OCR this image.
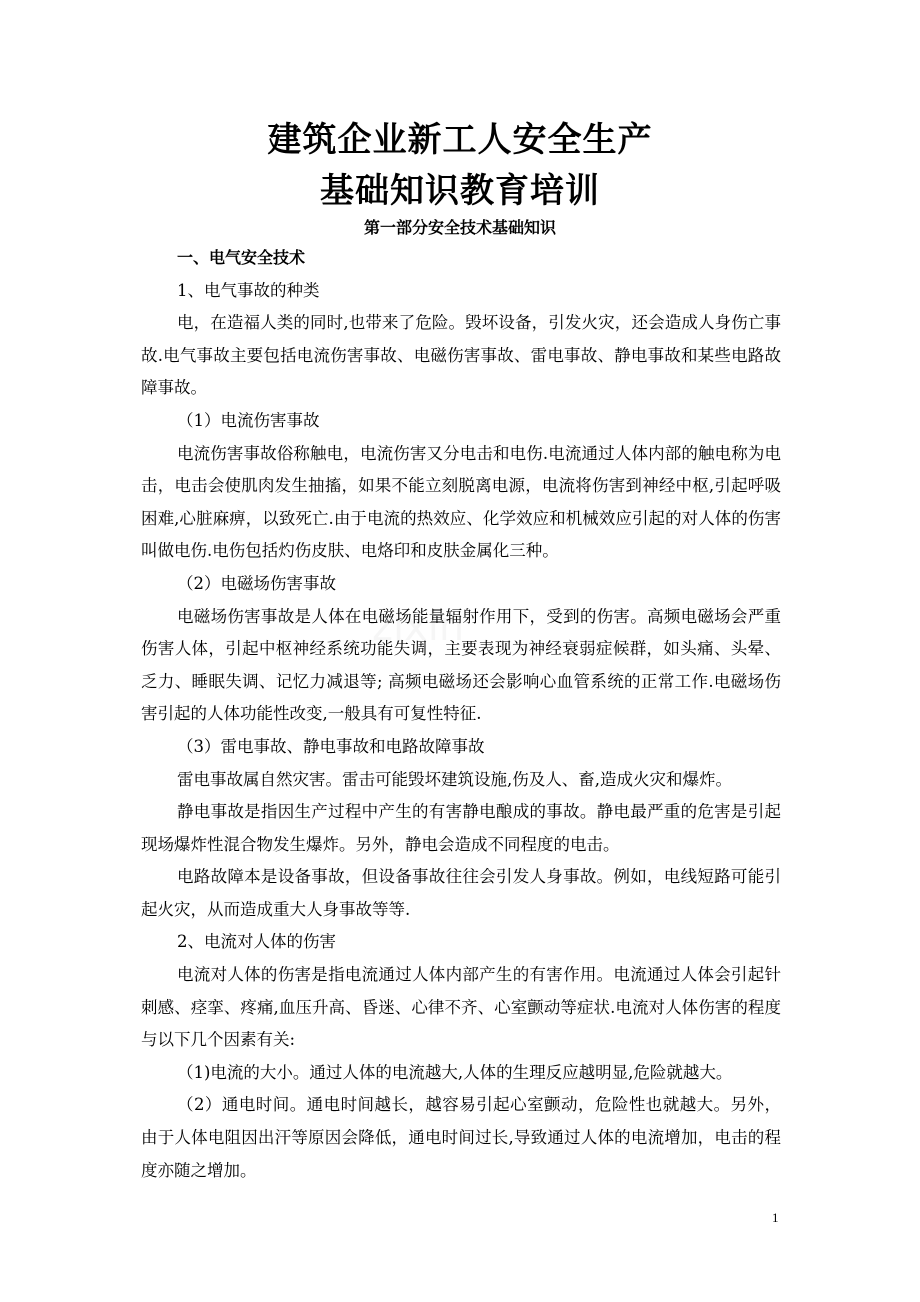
建筑企业新工人安全生产
基础知识教育培训
第一部分安全技术基础知识

一、电气安全技术

1、电气事故的种类

电，在造福人类的同时,也带来了危险。毁坏设备，引发火灾，还会造成人身伤亡事故.电气事故主要包括电流伤害事故、电磁伤害事故、雷电事故、静电事故和某些电路故障事故。

（1）电流伤害事故

电流伤害事故俗称触电，电流伤害又分电击和电伤.电流通过人体内部的触电称为电击，电击会使肌肉发生抽搐，如果不能立刻脱离电源，电流将伤害到神经中枢,引起呼吸困难,心脏麻痹，以致死亡.由于电流的热效应、化学效应和机械效应引起的对人体的伤害叫做电伤.电伤包括灼伤皮肤、电烙印和皮肤金属化三种。

（2）电磁场伤害事故

电磁场伤害事故是人体在电磁场能量辐射作用下，受到的伤害。高频电磁场会严重伤害人体，引起中枢神经系统功能失调，主要表现为神经衰弱症候群，如头痛、头晕、乏力、睡眠失调、记忆力减退等; 高频电磁场还会影响心血管系统的正常工作.电磁场伤害引起的人体功能性改变,一般具有可复性特征.

（3）雷电事故、静电事故和电路故障事故

雷电事故属自然灾害。雷击可能毁坏建筑设施,伤及人、畜,造成火灾和爆炸。

静电事故是指因生产过程中产生的有害静电酿成的事故。静电最严重的危害是引起现场爆炸性混合物发生爆炸。另外，静电会造成不同程度的电击。

电路故障本是设备事故，但设备事故往往会引发人身事故。例如，电线短路可能引起火灾，从而造成重大人身事故等等.

2、电流对人体的伤害

电流对人体的伤害是指电流通过人体内部产生的有害作用。电流通过人体会引起针刺感、痉挛、疼痛,血压升高、昏迷、心律不齐、心室颤动等症状.电流对人体伤害的程度与以下几个因素有关:

（1)电流的大小。通过人体的电流越大,人体的生理反应越明显,危险就越大。

（2）通电时间。通电时间越长，越容易引起心室颤动，危险性也就越大。另外，由于人体电阻因出汗等原因会降低，通电时间过长,导致通过人体的电流增加，电击的程度亦随之增加。

1
